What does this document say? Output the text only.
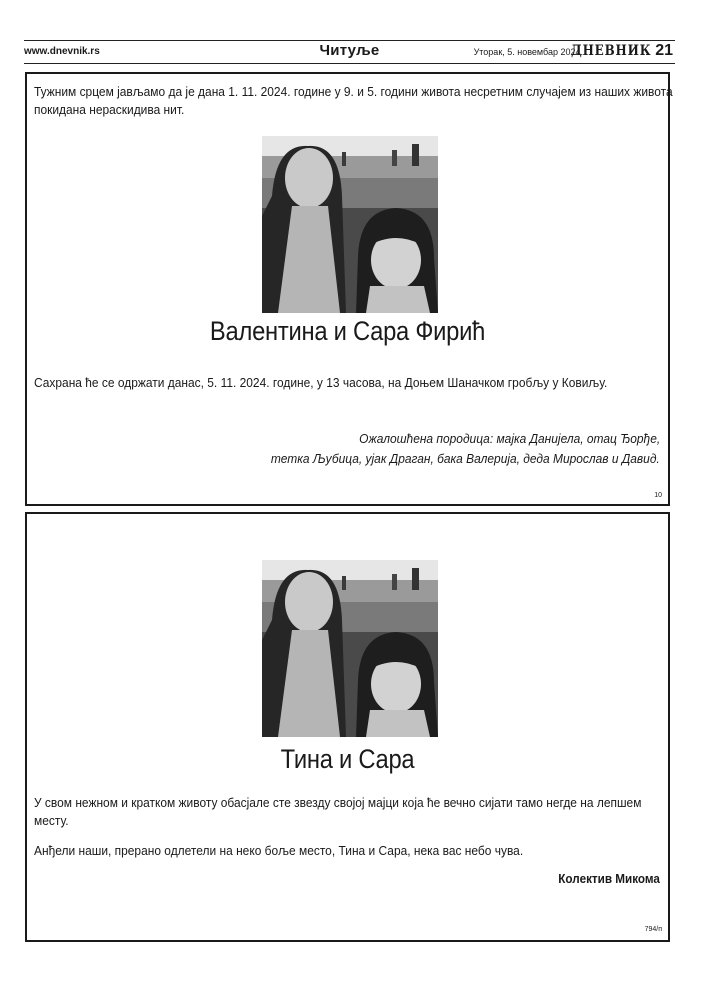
www.dnevnik.rs	Читуље	Уторак, 5. новембар 2024.
ДНЕВНИК 21
Тужним срцем јављамо да је дана 1. 11. 2024. године у 9. и 5. години живота несретним случајем из наших живота
покидана нераскидива нит.
Валентина и Сара Фирић
Сахрана ће се одржати данас, 5. 11. 2024. године, у 13 часова, на Доњем Шаначком гробљу у Ковиљу.
Ожалошћена породица: мајка Данијела, отац Ђорђе,
тетка Љубица, ујак Драган, бака Валерија, деда Мирослав и Давид.
10
Тина и Сара
У свом нежном и кратком животу обасјале сте звезду својој мајци која ће вечно сијати тамо негде на лепшем месту.
Анђели наши, прерано одлетели на неко боље место, Тина и Сара, нека вас небо чува.
Колектив Микома
794/п
